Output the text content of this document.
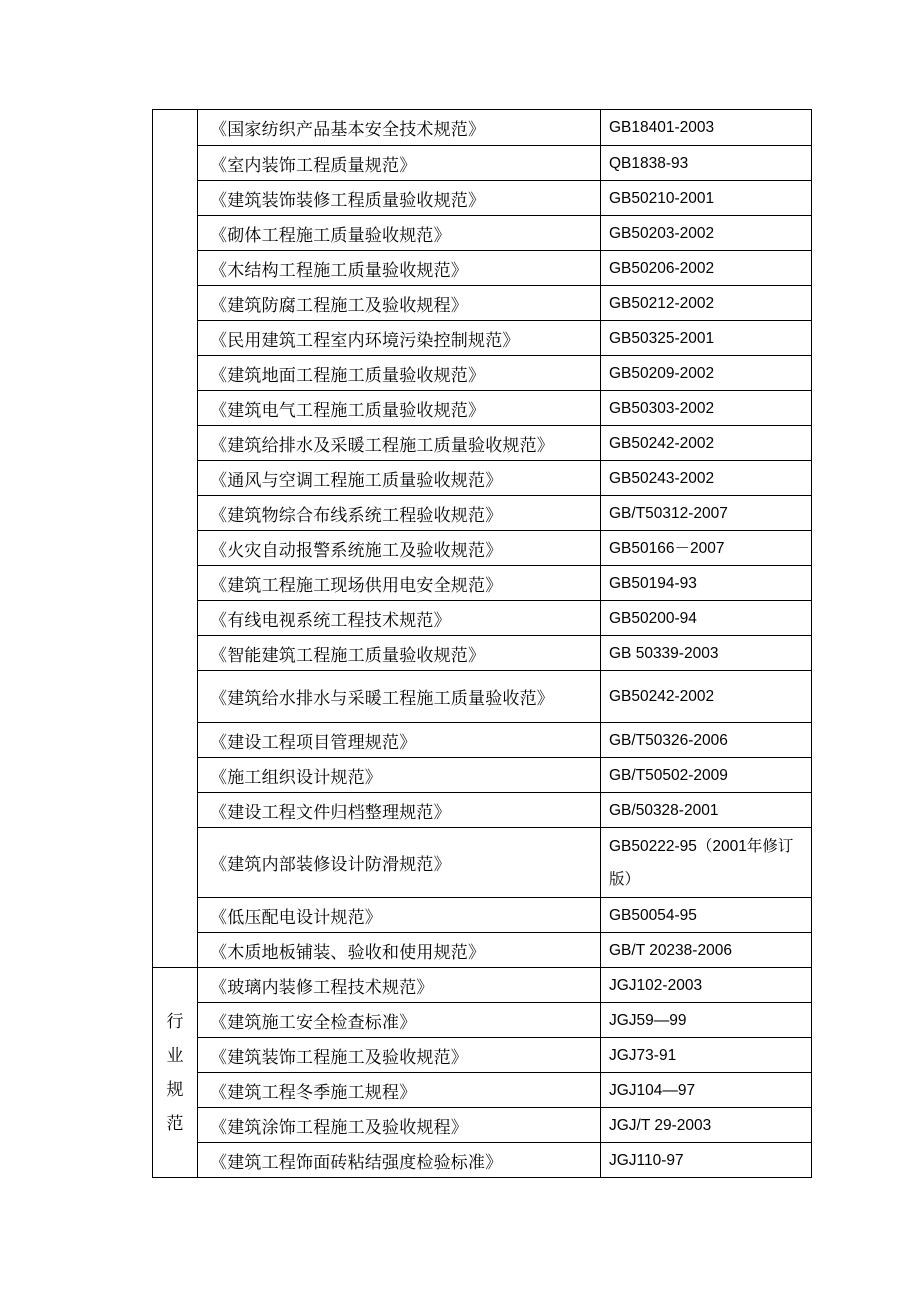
	《国家纺织产品基本安全技术规范》	GB18401-2003
	《室内装饰工程质量规范》	QB1838-93
	《建筑装饰装修工程质量验收规范》	GB50210-2001
	《砌体工程施工质量验收规范》	GB50203-2002
	《木结构工程施工质量验收规范》	GB50206-2002
	《建筑防腐工程施工及验收规程》	GB50212-2002
	《民用建筑工程室内环境污染控制规范》	GB50325-2001
	《建筑地面工程施工质量验收规范》	GB50209-2002
	《建筑电气工程施工质量验收规范》	GB50303-2002
	《建筑给排水及采暖工程施工质量验收规范》	GB50242-2002
	《通风与空调工程施工质量验收规范》	GB50243-2002
	《建筑物综合布线系统工程验收规范》	GB/T50312-2007
	《火灾自动报警系统施工及验收规范》	GB50166－2007
	《建筑工程施工现场供用电安全规范》	GB50194-93
	《有线电视系统工程技术规范》	GB50200-94
	《智能建筑工程施工质量验收规范》	GB 50339-2003
	《建筑给水排水与采暖工程施工质量验收范》	GB50242-2002
	《建设工程项目管理规范》	GB/T50326-2006
	《施工组织设计规范》	GB/T50502-2009
	《建设工程文件归档整理规范》	GB/50328-2001
	《建筑内部装修设计防滑规范》	GB50222-95（2001年修订版）
	《低压配电设计规范》	GB50054-95
	《木质地板铺装、验收和使用规范》	GB/T 20238-2006
行业规范	《玻璃内装修工程技术规范》	JGJ102-2003
	《建筑施工安全检查标准》	JGJ59—99
	《建筑装饰工程施工及验收规范》	JGJ73-91
	《建筑工程冬季施工规程》	JGJ104—97
	《建筑涂饰工程施工及验收规程》	JGJ/T 29-2003
	《建筑工程饰面砖粘结强度检验标准》	JGJ110-97
